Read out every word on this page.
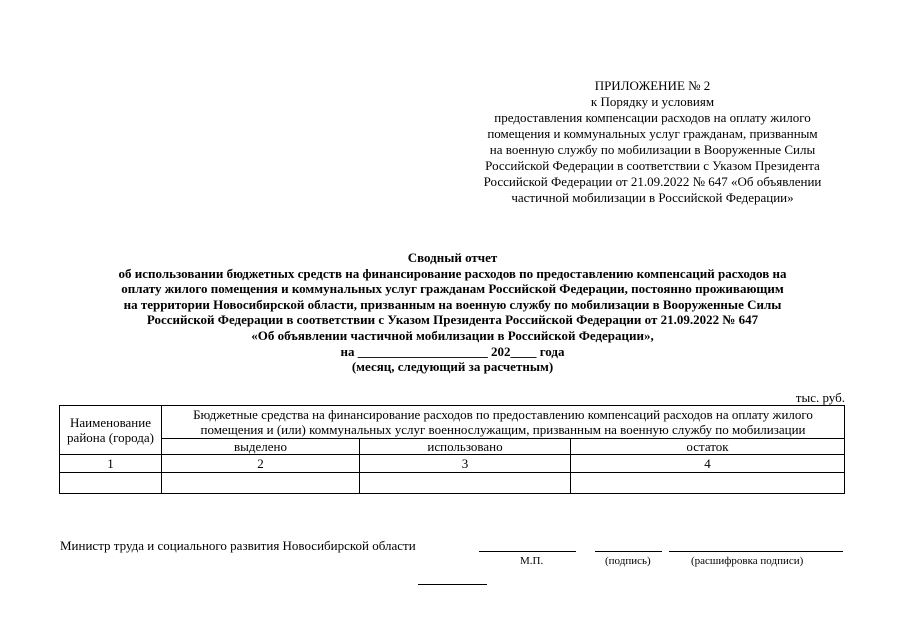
ПРИЛОЖЕНИЕ № 2
к Порядку и условиям
предоставления компенсации расходов на оплату жилого
помещения и коммунальных услуг гражданам, призванным
на военную службу по мобилизации в Вооруженные Силы
Российской Федерации в соответствии с Указом Президента
Российской Федерации от 21.09.2022 № 647 «Об объявлении
частичной мобилизации в Российской Федерации»
Сводный отчет
об использовании бюджетных средств на финансирование расходов по предоставлению компенсаций расходов на
оплату жилого помещения и коммунальных услуг гражданам Российской Федерации, постоянно проживающим
на территории Новосибирской области, призванным на военную службу по мобилизации в Вооруженные Силы
Российской Федерации в соответствии с Указом Президента Российской Федерации от 21.09.2022 № 647
«Об объявлении частичной мобилизации в Российской Федерации»,
на ____________________ 202____ года
(месяц, следующий за расчетным)
тыс. руб.
Наименование района (города)	Бюджетные средства на финансирование расходов по предоставлению компенсаций расходов на оплату жилого помещения и (или) коммунальных услуг военнослужащим, призванным на военную службу по мобилизации		
	выделено	использовано	остаток
1	2	3	4

Министр труда и социального развития Новосибирской области
М.П.	(подпись)	(расшифровка подписи)
